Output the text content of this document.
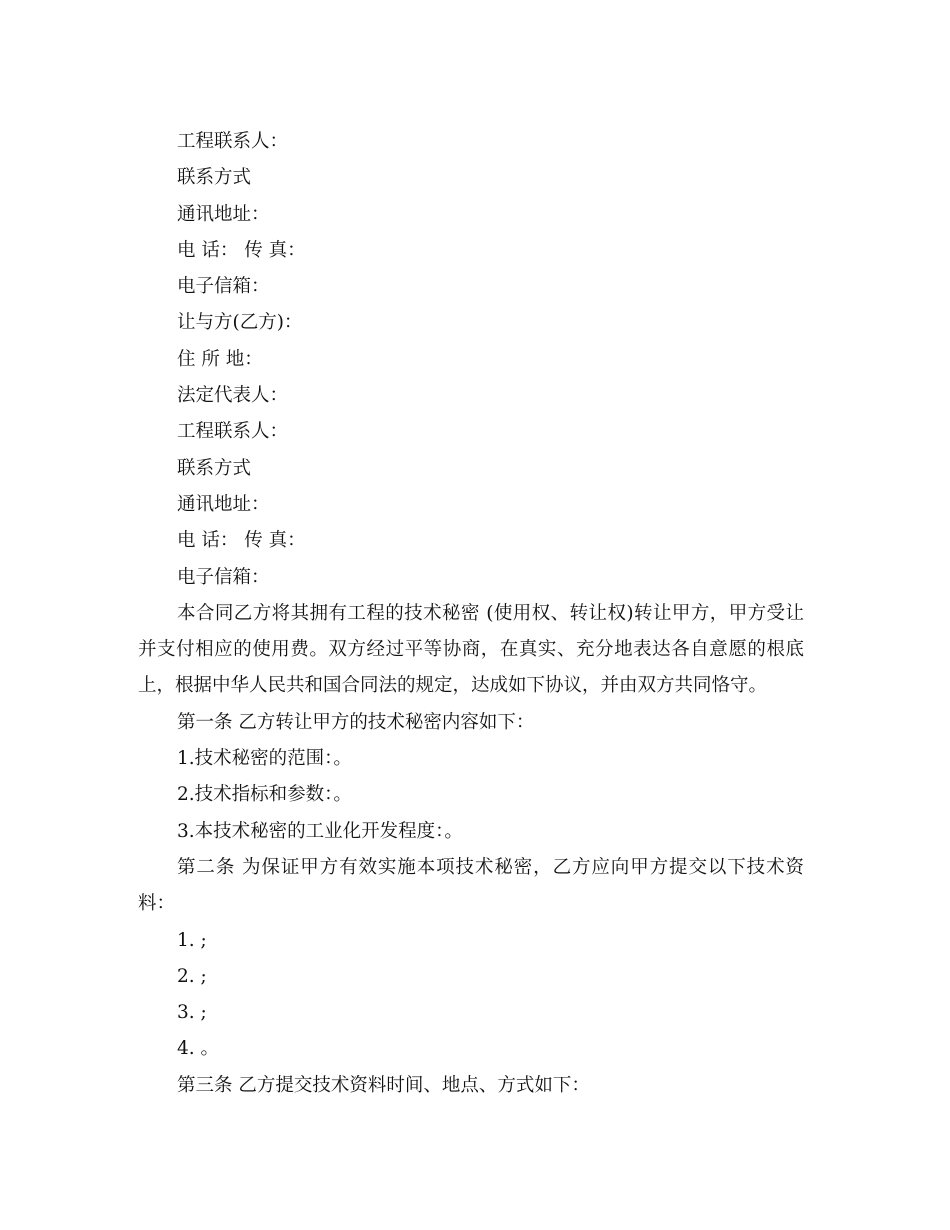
工程联系人：

联系方式

通讯地址：

电 话： 传 真：

电子信箱：

让与方(乙方)：

住 所 地：

法定代表人：

工程联系人：

联系方式

通讯地址：

电 话： 传 真：

电子信箱：

本合同乙方将其拥有工程的技术秘密 (使用权、转让权)转让甲方，甲方受让并支付相应的使用费。双方经过平等协商，在真实、充分地表达各自意愿的根底上，根据中华人民共和国合同法的规定，达成如下协议，并由双方共同恪守。

第一条 乙方转让甲方的技术秘密内容如下：

1.技术秘密的范围：。

2.技术指标和参数：。

3.本技术秘密的工业化开发程度：。

第二条 为保证甲方有效实施本项技术秘密，乙方应向甲方提交以下技术资料：

1. ;

2. ;

3. ;

4. 。

第三条 乙方提交技术资料时间、地点、方式如下：
